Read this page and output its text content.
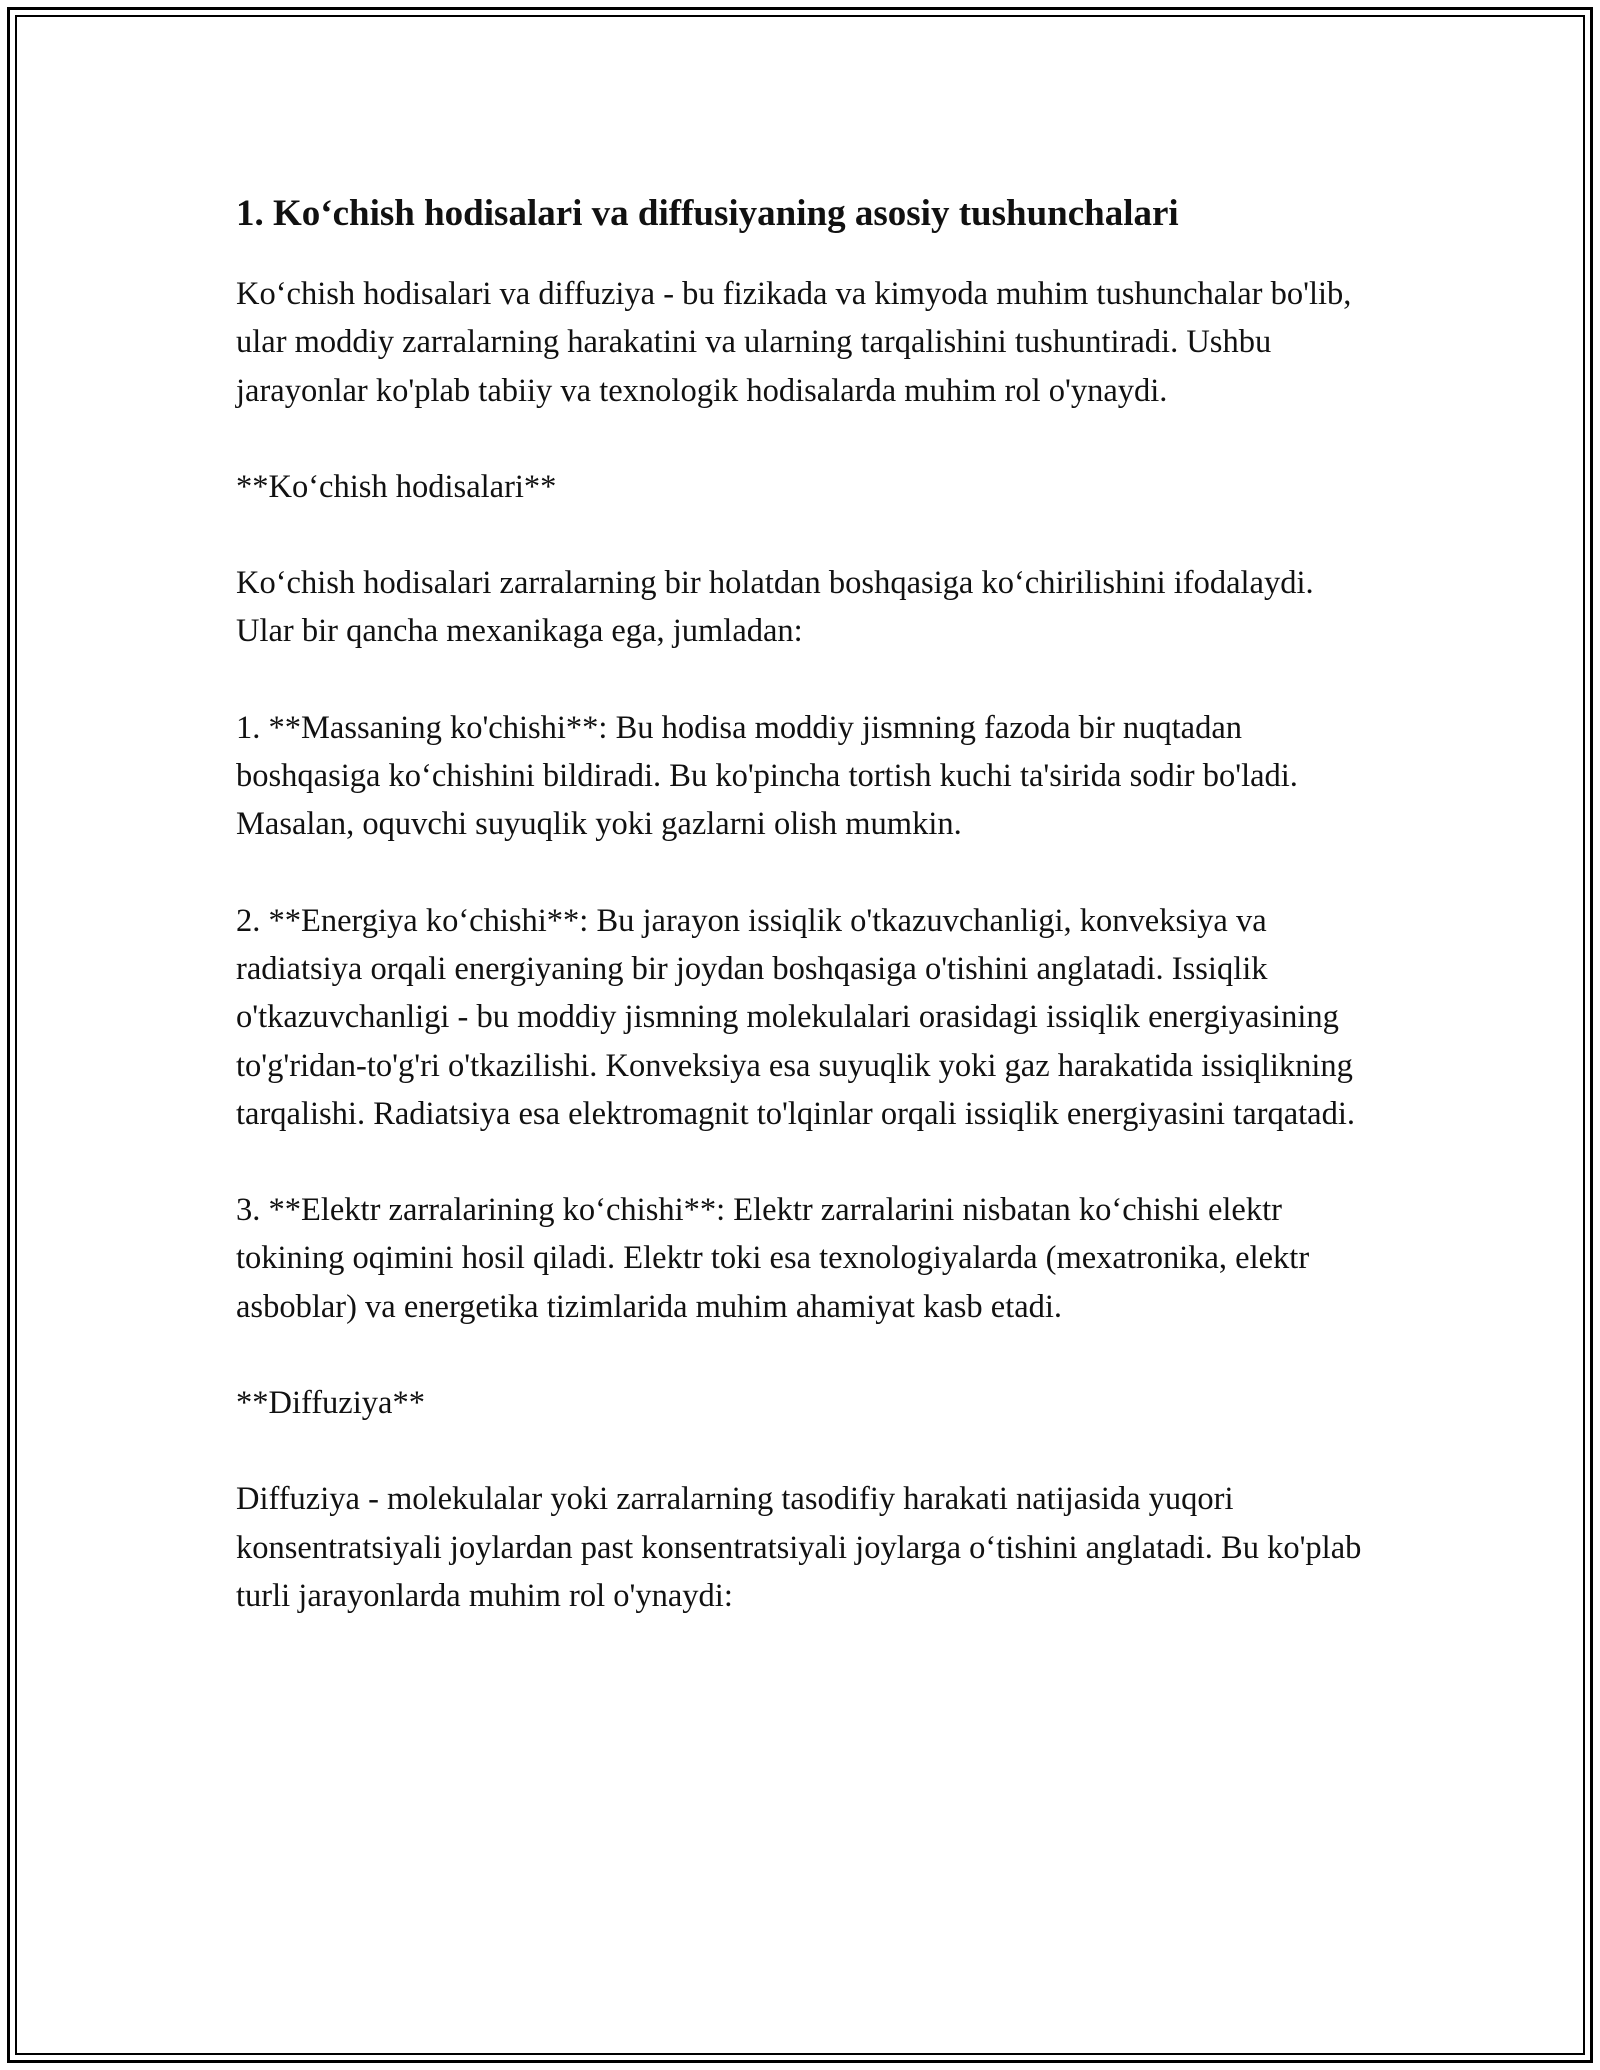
1. Ko‘chish hodisalari va diffusiyaning asosiy tushunchalari

Ko‘chish hodisalari va diffuziya - bu fizikada va kimyoda muhim tushunchalar bo'lib, ular moddiy zarralarning harakatini va ularning tarqalishini tushuntiradi. Ushbu jarayonlar ko'plab tabiiy va texnologik hodisalarda muhim rol o'ynaydi.

**Ko‘chish hodisalari**

Ko‘chish hodisalari zarralarning bir holatdan boshqasiga ko‘chirilishini ifodalaydi. Ular bir qancha mexanikaga ega, jumladan:

1. **Massaning ko'chishi**: Bu hodisa moddiy jismning fazoda bir nuqtadan boshqasiga ko‘chishini bildiradi. Bu ko'pincha tortish kuchi ta'sirida sodir bo'ladi. Masalan, oquvchi suyuqlik yoki gazlarni olish mumkin.

2. **Energiya ko‘chishi**: Bu jarayon issiqlik o'tkazuvchanligi, konveksiya va radiatsiya orqali energiyaning bir joydan boshqasiga o'tishini anglatadi. Issiqlik o'tkazuvchanligi - bu moddiy jismning molekulalari orasidagi issiqlik energiyasining to'g'ridan-to'g'ri o'tkazilishi. Konveksiya esa suyuqlik yoki gaz harakatida issiqlikning tarqalishi. Radiatsiya esa elektromagnit to'lqinlar orqali issiqlik energiyasini tarqatadi.

3. **Elektr zarralarining ko‘chishi**: Elektr zarralarini nisbatan ko‘chishi elektr tokining oqimini hosil qiladi. Elektr toki esa texnologiyalarda (mexatronika, elektr asboblar) va energetika tizimlarida muhim ahamiyat kasb etadi.

**Diffuziya**

Diffuziya - molekulalar yoki zarralarning tasodifiy harakati natijasida yuqori konsentratsiyali joylardan past konsentratsiyali joylarga o‘tishini anglatadi. Bu ko'plab turli jarayonlarda muhim rol o'ynaydi:
